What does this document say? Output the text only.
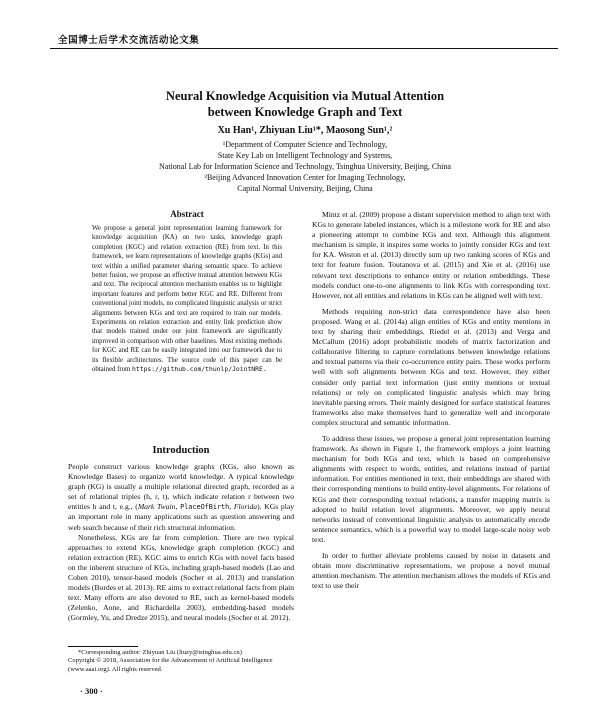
全国博士后学术交流活动论文集
Neural Knowledge Acquisition via Mutual Attention
between Knowledge Graph and Text
Xu Han¹, Zhiyuan Liu¹*, Maosong Sun¹,²
¹Department of Computer Science and Technology,
State Key Lab on Intelligent Technology and Systems,
National Lab for Information Science and Technology, Tsinghua University, Beijing, China
²Beijing Advanced Innovation Center for Imaging Technology,
Capital Normal University, Beijing, China
Abstract
We propose a general joint representation learning framework for knowledge acquisition (KA) on two tasks, knowledge graph completion (KGC) and relation extraction (RE) from text. In this framework, we learn representations of knowledge graphs (KGs) and text within a unified parameter sharing semantic space. To achieve better fusion, we propose an effective mutual attention between KGs and text. The reciprocal attention mechanism enables us to highlight important features and perform better KGC and RE. Different from conventional joint models, no complicated linguistic analysis or strict alignments between KGs and text are required to train our models. Experiments on relation extraction and entity link prediction show that models trained under our joint framework are significantly improved in comparison with other baselines. Most existing methods for KGC and RE can be easily integrated into our framework due to its flexible architectures. The source code of this paper can be obtained from https://github.com/thunlp/JointNRE.
Introduction

People construct various knowledge graphs (KGs, also known as Knowledge Bases) to organize world knowledge. A typical knowledge graph (KG) is usually a multiple relational directed graph, recorded as a set of relational triples (h, r, t), which indicate relation r between two entities h and t, e.g., (Mark Twain, PlaceOfBirth, Florida). KGs play an important role in many applications such as question answering and web search because of their rich structural information.

Nonetheless, KGs are far from completion. There are two typical approaches to extend KGs, knowledge graph completion (KGC) and relation extraction (RE). KGC aims to enrich KGs with novel facts based on the inherent structure of KGs, including graph-based models (Lao and Cohen 2010), tensor-based models (Socher et al. 2013) and translation models (Bordes et al. 2013). RE aims to extract relational facts from plain text. Many efforts are also devoted to RE, such as kernel-based models (Zelenko, Aone, and Richardella 2003), embedding-based models (Gormley, Yu, and Dredze 2015), and neural models (Socher et al. 2012).

*Corresponding author: Zhiyuan Liu (liuzy@tsinghua.edu.cn)
Copyright © 2018, Association for the Advancement of Artificial Intelligence (www.aaai.org). All rights reserved.
· 300 ·

Mintz et al. (2009) propose a distant supervision method to align text with KGs to generate labeled instances, which is a milestone work for RE and also a pioneering attempt to combine KGs and text. Although this alignment mechanism is simple, it inspires some works to jointly consider KGs and text for KA. Weston et al. (2013) directly sum up two ranking scores of KGs and text for feature fusion. Toutanova et al. (2015) and Xie et al. (2016) use relevant text descriptions to enhance entity or relation embeddings. These models conduct one-to-one alignments to link KGs with corresponding text. However, not all entities and relations in KGs can be aligned well with text.

Methods requiring non-strict data correspondence have also been proposed. Wang et al. (2014a) align entities of KGs and entity mentions in text by sharing their embeddings. Riedel et al. (2013) and Verga and McCallum (2016) adopt probabilistic models of matrix factorization and collaborative filtering to capture correlations between knowledge relations and textual patterns via their co-occurrence entity pairs. These works perform well with soft alignments between KGs and text. However, they either consider only partial text information (just entity mentions or textual relations) or rely on complicated linguistic analysis which may bring inevitable parsing errors. Their mainly designed for surface statistical features frameworks also make themselves hard to generalize well and incorporate complex structural and semantic information.

To address these issues, we propose a general joint representation learning framework. As shown in Figure 1, the framework employs a joint learning mechanism for both KGs and text, which is based on comprehensive alignments with respect to words, entities, and relations instead of partial information. For entities mentioned in text, their embeddings are shared with their corresponding mentions to build entity-level alignments. For relations of KGs and their corresponding textual relations, a transfer mapping matrix is adopted to build relation level alignments. Moreover, we apply neural networks instead of conventional linguistic analysis to automatically encode sentence semantics, which is a powerful way to model large-scale noisy web text.

In order to further alleviate problems caused by noise in datasets and obtain more discriminative representations, we propose a novel mutual attention mechanism. The attention mechanism allows the models of KGs and text to use their
